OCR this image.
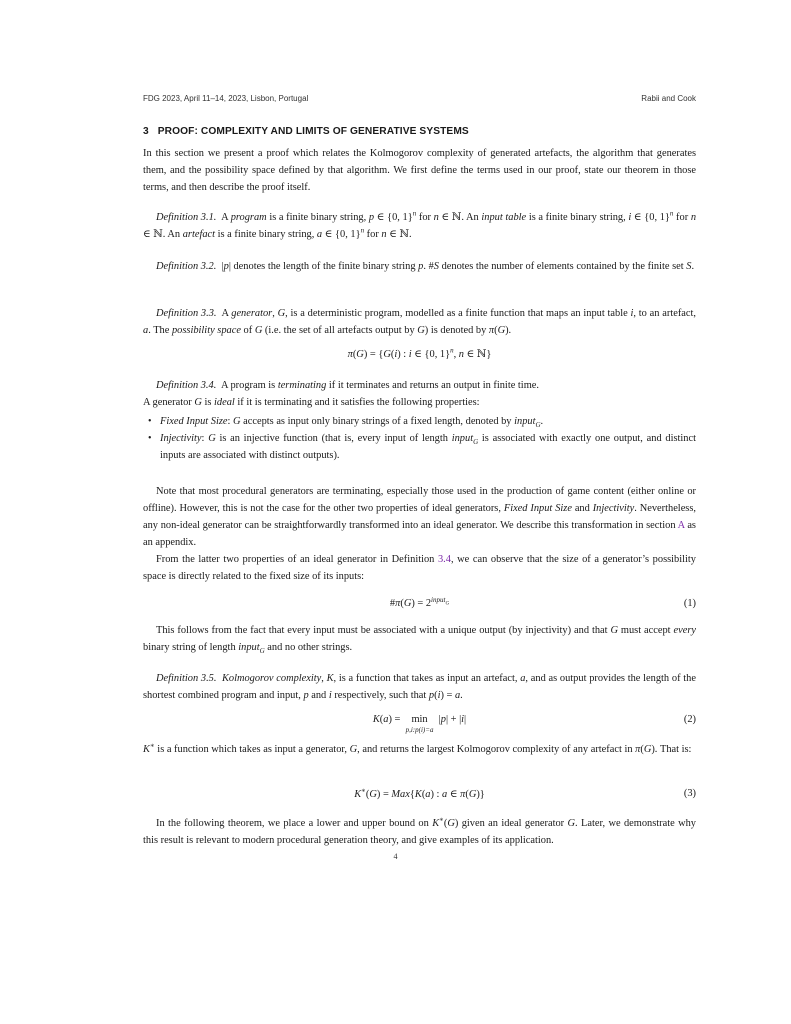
FDG 2023, April 11–14, 2023, Lisbon, Portugal	Rabii and Cook
3 PROOF: COMPLEXITY AND LIMITS OF GENERATIVE SYSTEMS

In this section we present a proof which relates the Kolmogorov complexity of generated artefacts, the algorithm that generates them, and the possibility space defined by that algorithm. We first define the terms used in our proof, state our theorem in those terms, and then describe the proof itself.

Definition 3.1.  A program is a finite binary string, p ∈ {0, 1}$^n$ for n ∈ ℕ. An input table is a finite binary string, i ∈ {0, 1}$^n$ for n ∈ ℕ. An artefact is a finite binary string, a ∈ {0, 1}$^n$ for n ∈ ℕ.

Definition 3.2.  |p| denotes the length of the finite binary string p. #S denotes the number of elements contained by the finite set S.

Definition 3.3.  A generator, G, is a deterministic program, modelled as a finite function that maps an input table i, to an artefact, a. The possibility space of G (i.e. the set of all artefacts output by G) is denoted by π(G).

π(G) = {G(i) : i ∈ {0, 1}$^n$, n ∈ ℕ}

Definition 3.4.  A program is terminating if it terminates and returns an output in finite time.

A generator G is ideal if it is terminating and it satisfies the following properties:

• Fixed Input Size: G accepts as input only binary strings of a fixed length, denoted by input$_G$.
• Injectivity: G is an injective function (that is, every input of length input$_G$ is associated with exactly one output, and distinct inputs are associated with distinct outputs).

Note that most procedural generators are terminating, especially those used in the production of game content (either online or offline). However, this is not the case for the other two properties of ideal generators, Fixed Input Size and Injectivity. Nevertheless, any non-ideal generator can be straightforwardly transformed into an ideal generator. We describe this transformation in section A as an appendix.

From the latter two properties of an ideal generator in Definition 3.4, we can observe that the size of a generator’s possibility space is directly related to the fixed size of its inputs:

#π(G) = $2^{input_G}$	(1)

This follows from the fact that every input must be associated with a unique output (by injectivity) and that G must accept every binary string of length input$_G$ and no other strings.

Definition 3.5. Kolmogorov complexity, K, is a function that takes as input an artefact, a, and as output provides the length of the shortest combined program and input, p and i respectively, such that p(i) = a.

K(a) =  min
p,i:p(i)=a
|p| + |i|	(2)

K∗ is a function which takes as input a generator, G, and returns the largest Kolmogorov complexity of any artefact in π(G). That is:

K∗(G) = Max{K(a) : a ∈ π(G)}	(3)

In the following theorem, we place a lower and upper bound on K∗(G) given an ideal generator G. Later, we demonstrate why this result is relevant to modern procedural generation theory, and give examples of its application.

4
